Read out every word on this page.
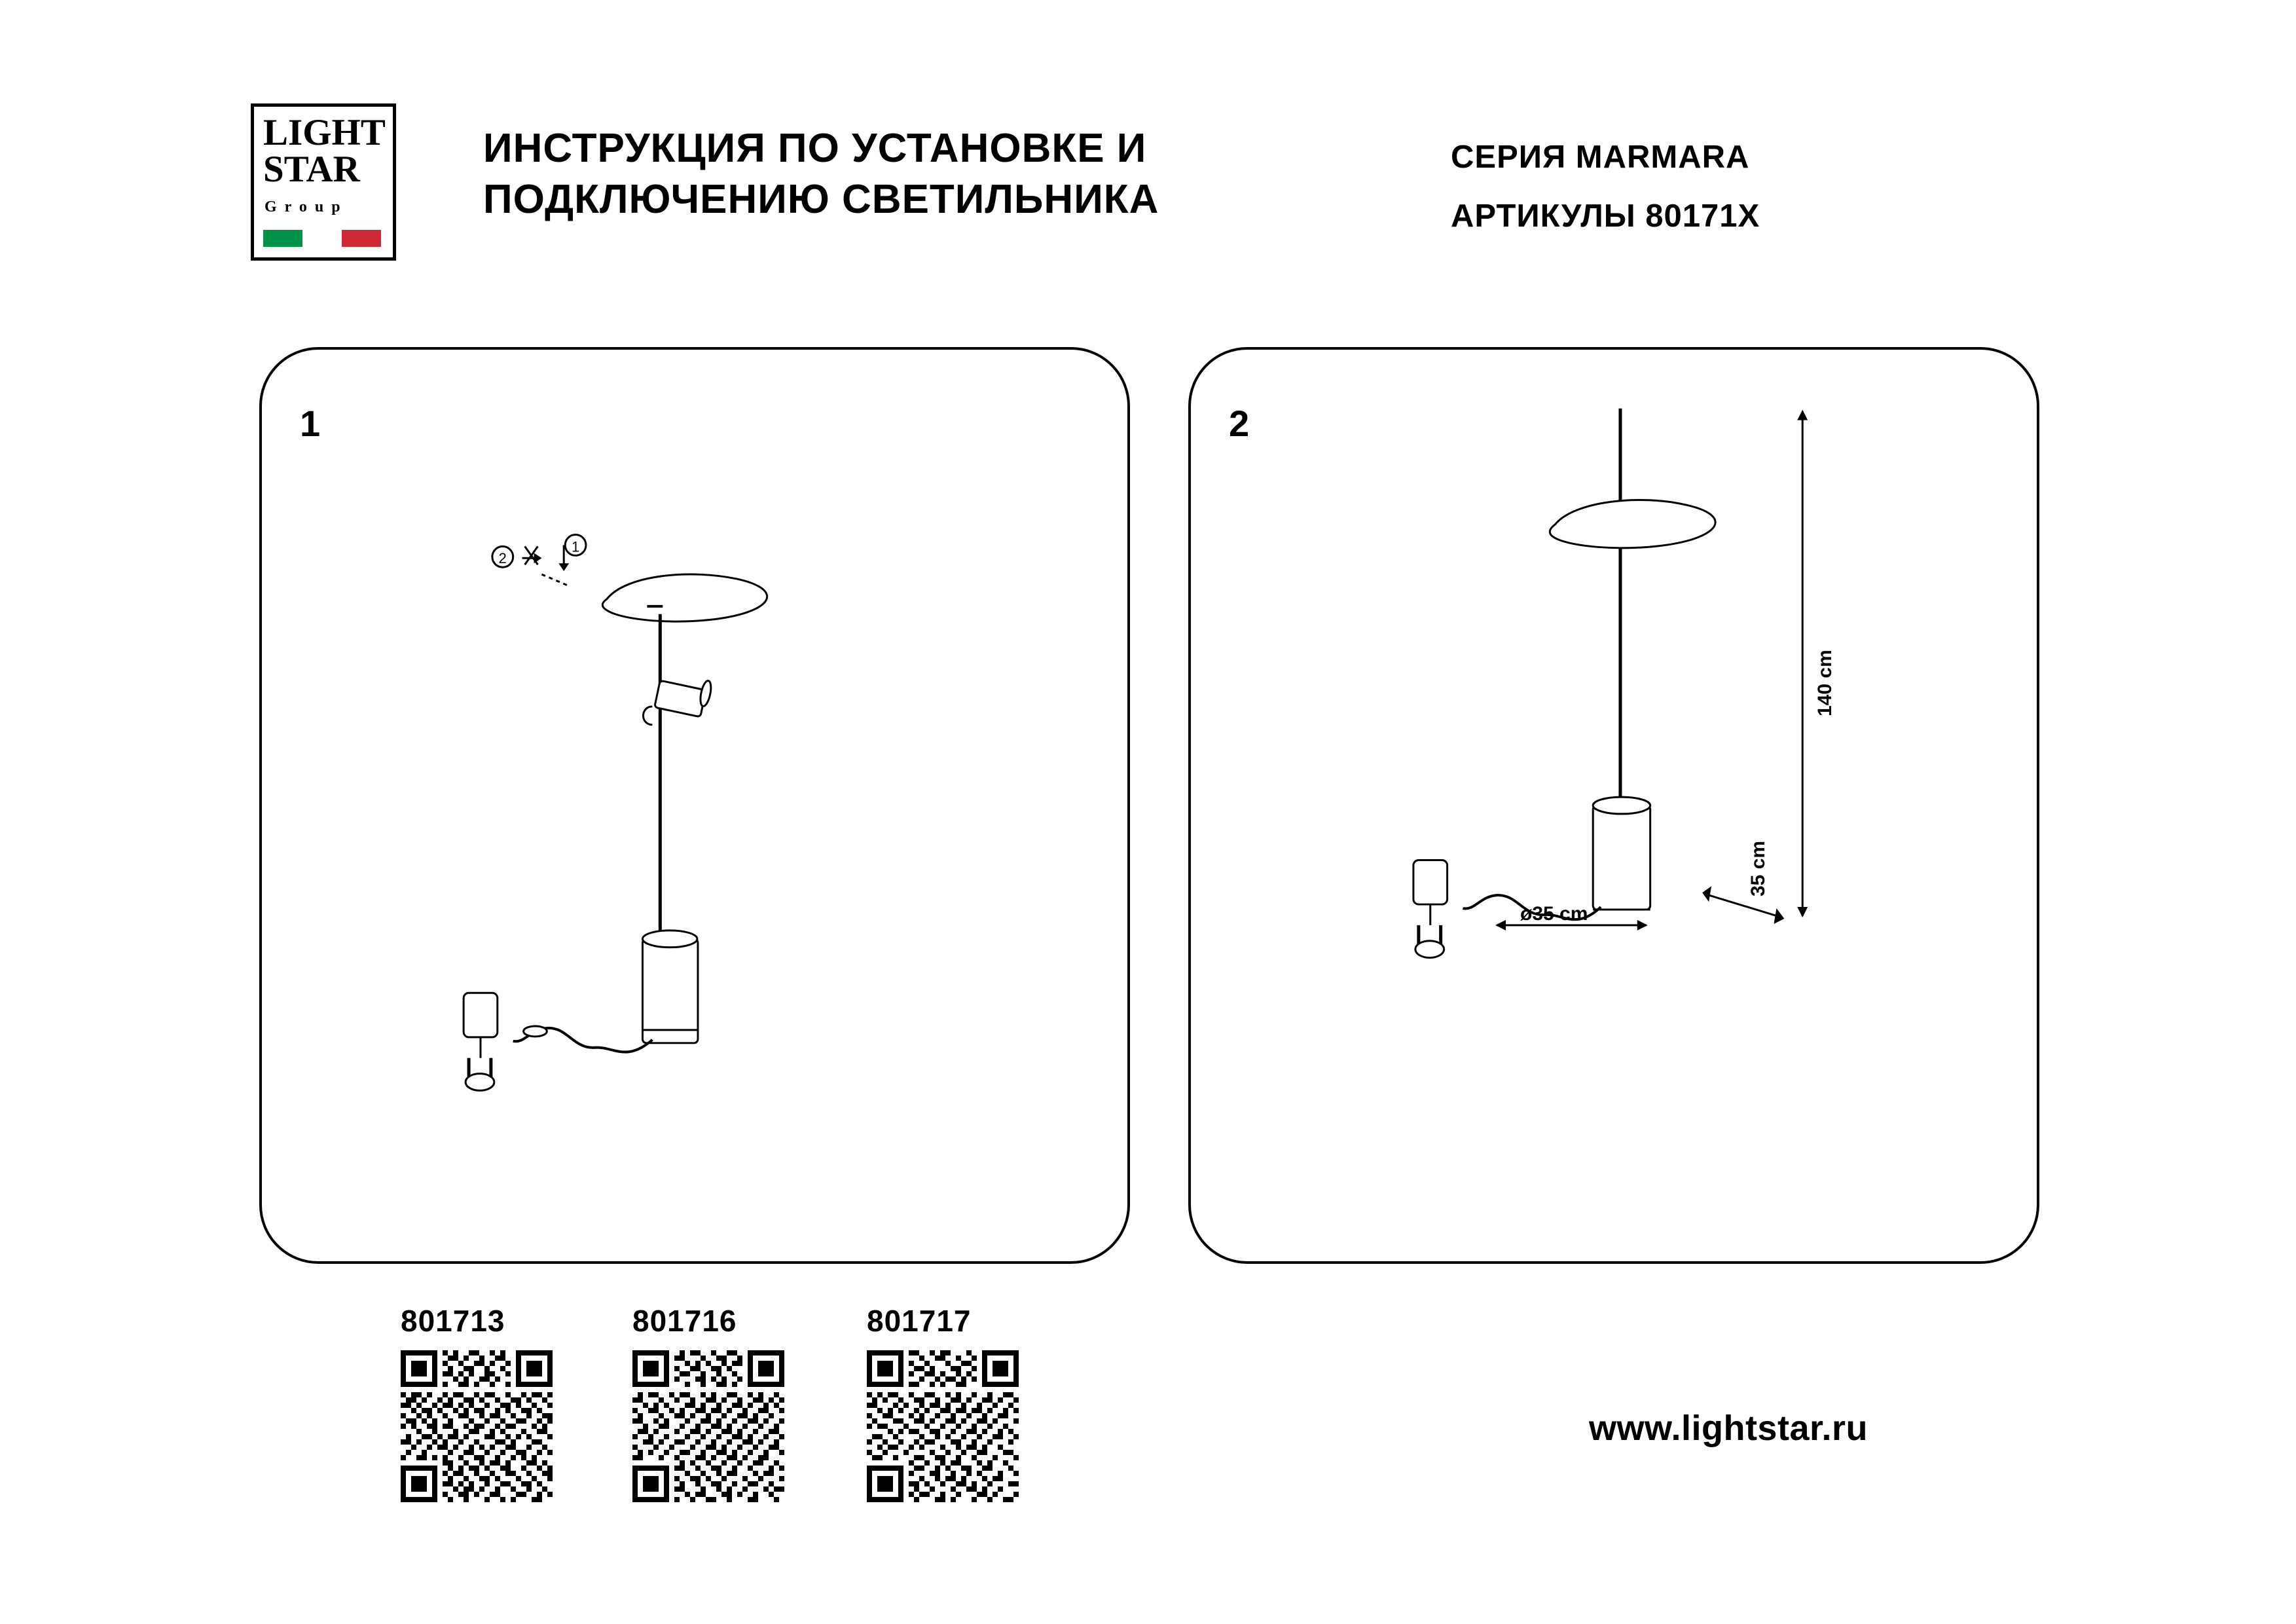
LIGHT
STAR
G r o u p
ИНСТРУКЦИЯ ПО УСТАНОВКЕ И ПОДКЛЮЧЕНИЮ СВЕТИЛЬНИКА
СЕРИЯ MARMARA
АРТИКУЛЫ 80171X
1
1
2
2
140 cm
ø35 cm
35 cm
801713	801716	801717
www.lightstar.ru
